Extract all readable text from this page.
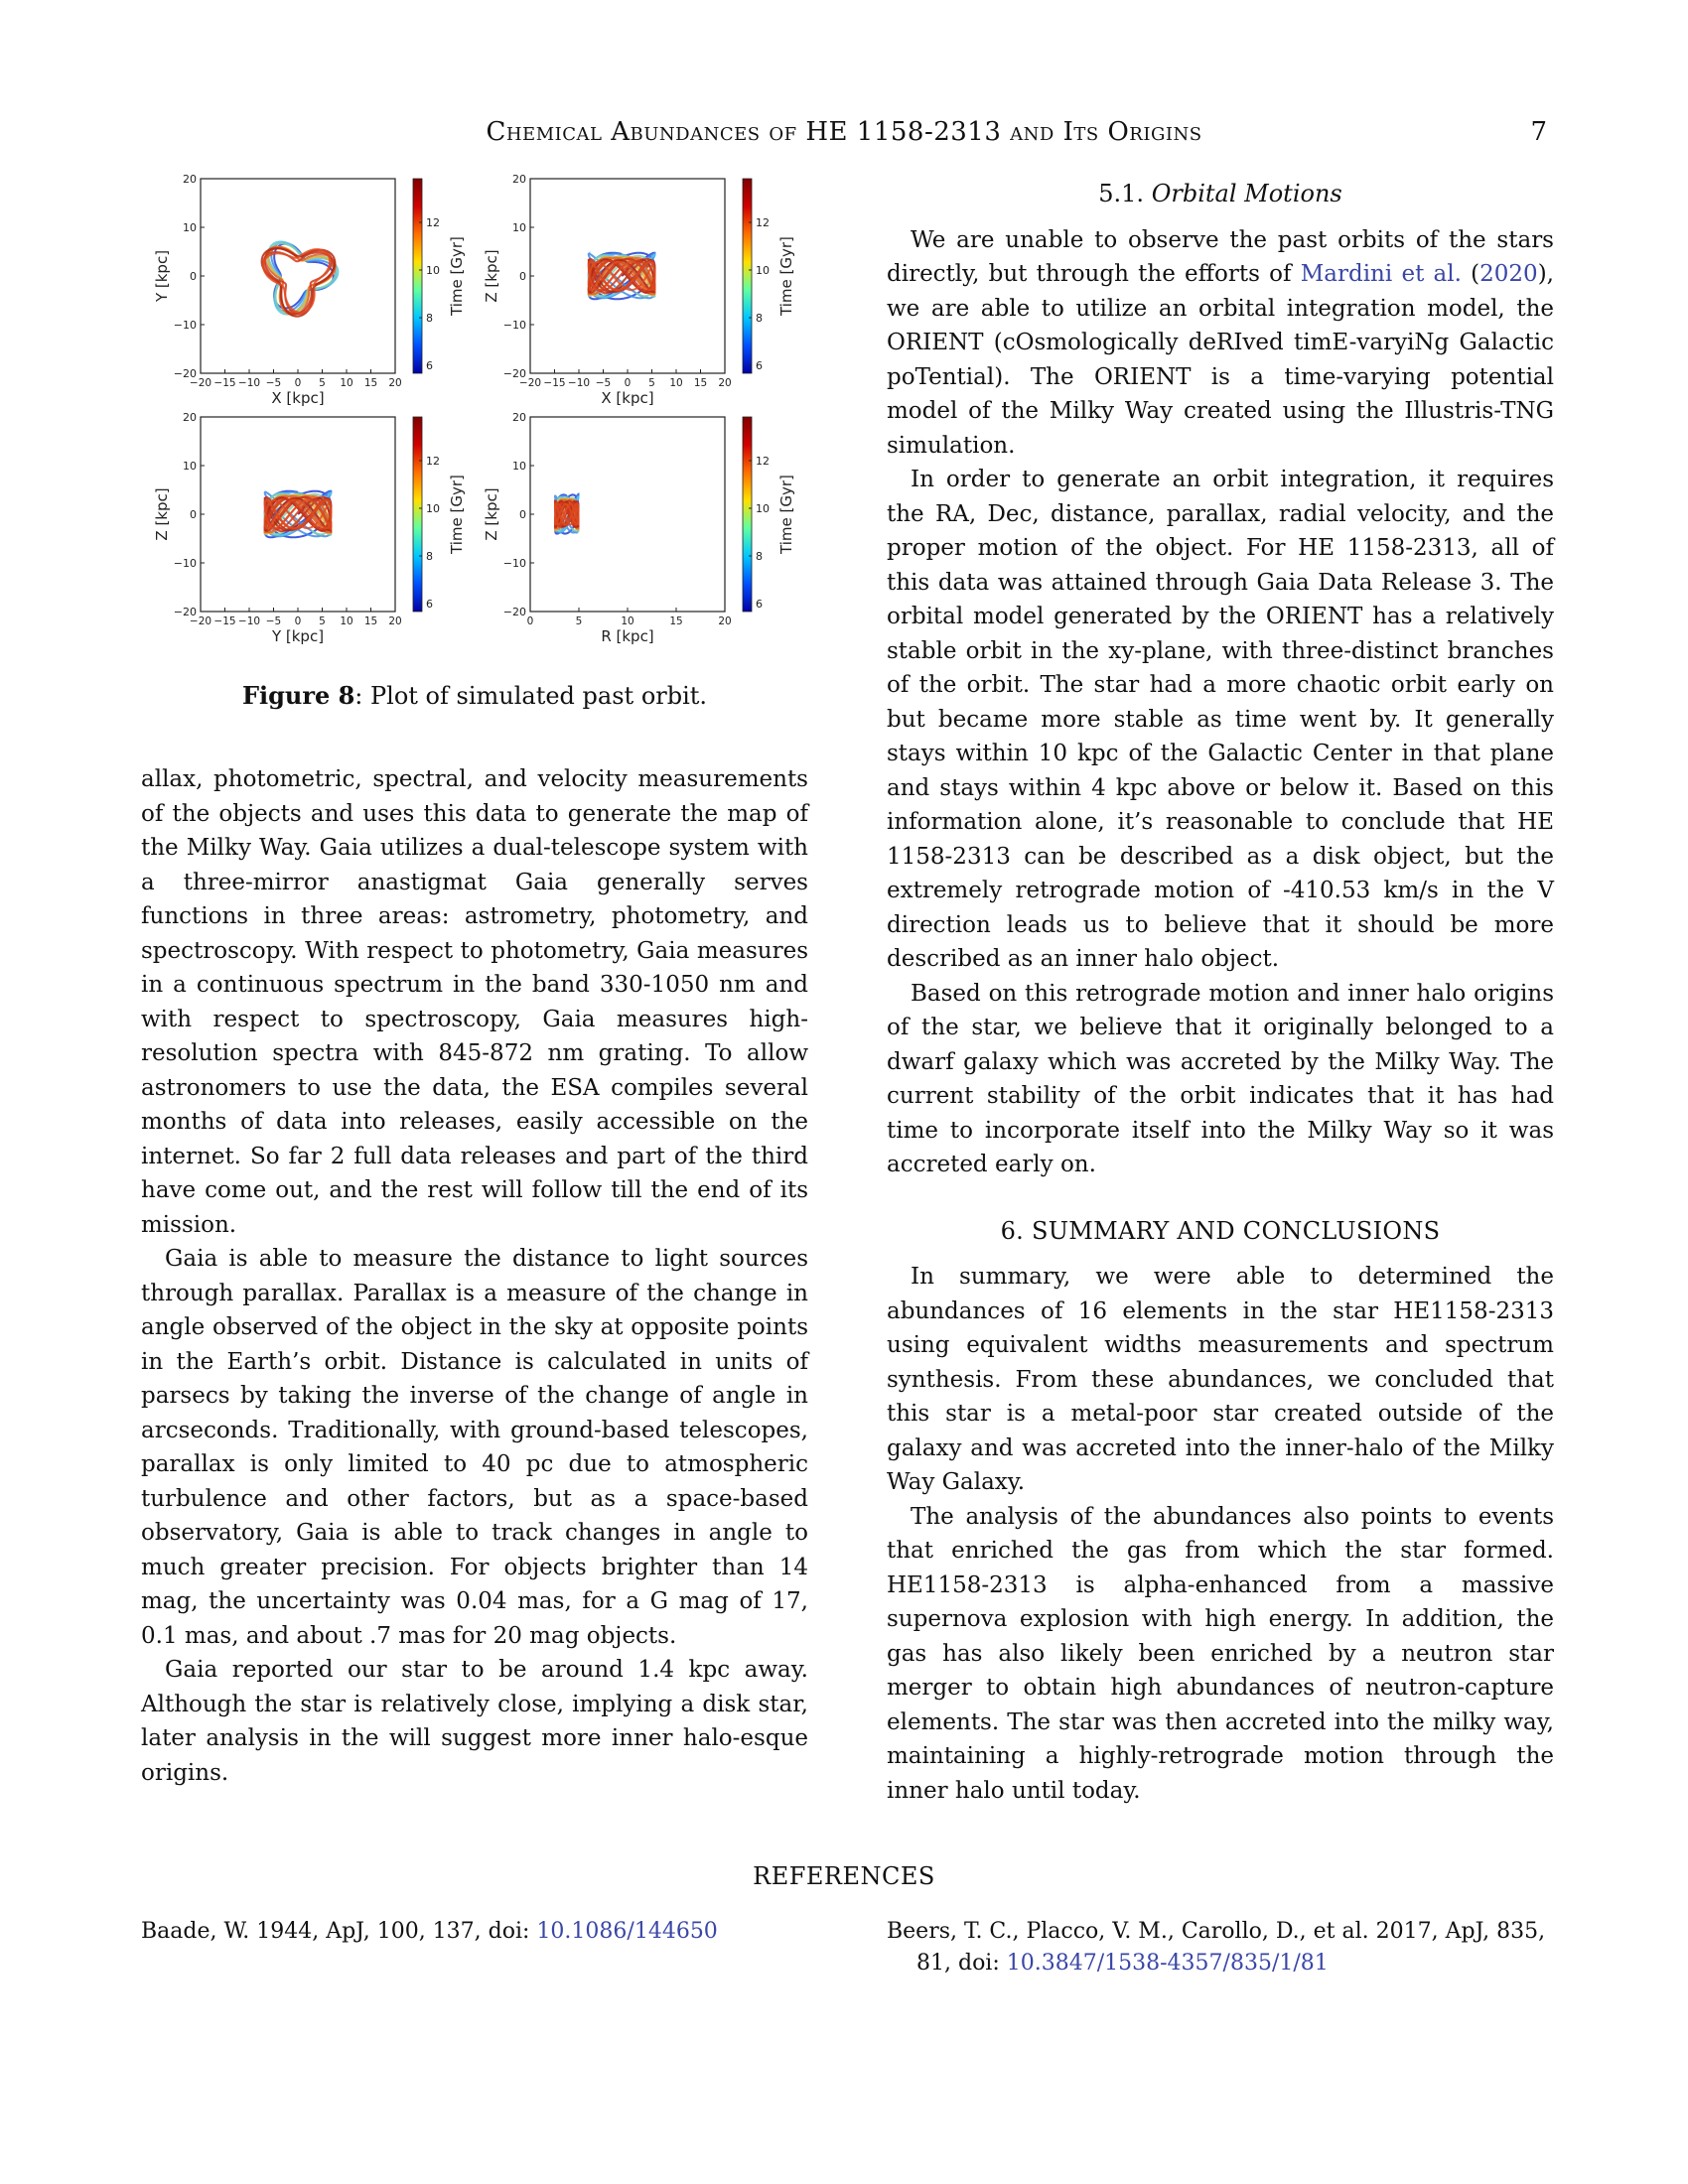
Chemical Abundances of HE 1158-2313 and Its Origins	7
20
10
0
−10
−20
−20 −15 −10 −5 0 5 10 15 20
X [kpc]
Y [kpc]
12
10
8
6
Time [Gyr]
20
10
0
−10
−20
−20 −15 −10 −5 0 5 10 15 20
X [kpc]
Z [kpc]
12
10
8
6
Time [Gyr]
20
10
0
−10
−20
−20 −15 −10 −5 0 5 10 15 20
Y [kpc]
Z [kpc]
12
10
8
6
Time [Gyr]
20
10
0
−10
−20
0	5	10	15	20
R [kpc]
Z [kpc]
12
10
8
6
Time [Gyr]
Figure 8: Plot of simulated past orbit.

allax, photometric, spectral, and velocity measurements of the objects and uses this data to generate the map of the Milky Way. Gaia utilizes a dual-telescope system with a three-mirror anastigmat Gaia generally serves functions in three areas: astrometry, photometry, and spectroscopy. With respect to photometry, Gaia measures in a continuous spectrum in the band 330-1050 nm and with respect to spectroscopy, Gaia measures high-resolution spectra with 845-872 nm grating. To allow astronomers to use the data, the ESA compiles several months of data into releases, easily accessible on the internet. So far 2 full data releases and part of the third have come out, and the rest will follow till the end of its mission.

Gaia is able to measure the distance to light sources through parallax. Parallax is a measure of the change in angle observed of the object in the sky at opposite points in the Earth’s orbit. Distance is calculated in units of parsecs by taking the inverse of the change of angle in arcseconds. Traditionally, with ground-based telescopes, parallax is only limited to 40 pc due to atmospheric turbulence and other factors, but as a space-based observatory, Gaia is able to track changes in angle to much greater precision. For objects brighter than 14 mag, the uncertainty was 0.04 mas, for a G mag of 17, 0.1 mas, and about .7 mas for 20 mag objects.

Gaia reported our star to be around 1.4 kpc away. Although the star is relatively close, implying a disk star, later analysis in the will suggest more inner halo-esque origins.

5.1. Orbital Motions

We are unable to observe the past orbits of the stars directly, but through the efforts of Mardini et al. (2020), we are able to utilize an orbital integration model, the ORIENT (cOsmologically deRIved timE-varyiNg Galactic poTential). The ORIENT is a time-varying potential model of the Milky Way created using the Illustris-TNG simulation.

In order to generate an orbit integration, it requires the RA, Dec, distance, parallax, radial velocity, and the proper motion of the object. For HE 1158-2313, all of this data was attained through Gaia Data Release 3. The orbital model generated by the ORIENT has a relatively stable orbit in the xy-plane, with three-distinct branches of the orbit. The star had a more chaotic orbit early on but became more stable as time went by. It generally stays within 10 kpc of the Galactic Center in that plane and stays within 4 kpc above or below it. Based on this information alone, it’s reasonable to conclude that HE 1158-2313 can be described as a disk object, but the extremely retrograde motion of -410.53 km/s in the V direction leads us to believe that it should be more described as an inner halo object.

Based on this retrograde motion and inner halo origins of the star, we believe that it originally belonged to a dwarf galaxy which was accreted by the Milky Way. The current stability of the orbit indicates that it has had time to incorporate itself into the Milky Way so it was accreted early on.

6. SUMMARY AND CONCLUSIONS

In summary, we were able to determined the abundances of 16 elements in the star HE1158-2313 using equivalent widths measurements and spectrum synthesis. From these abundances, we concluded that this star is a metal-poor star created outside of the galaxy and was accreted into the inner-halo of the Milky Way Galaxy.

The analysis of the abundances also points to events that enriched the gas from which the star formed. HE1158-2313 is alpha-enhanced from a massive supernova explosion with high energy. In addition, the gas has also likely been enriched by a neutron star merger to obtain high abundances of neutron-capture elements. The star was then accreted into the milky way, maintaining a highly-retrograde motion through the inner halo until today.

REFERENCES
Baade, W. 1944, ApJ, 100, 137, doi: 10.1086/144650	Beers, T. C., Placco, V. M., Carollo, D., et al. 2017, ApJ, 835, 81, doi: 10.3847/1538-4357/835/1/81
